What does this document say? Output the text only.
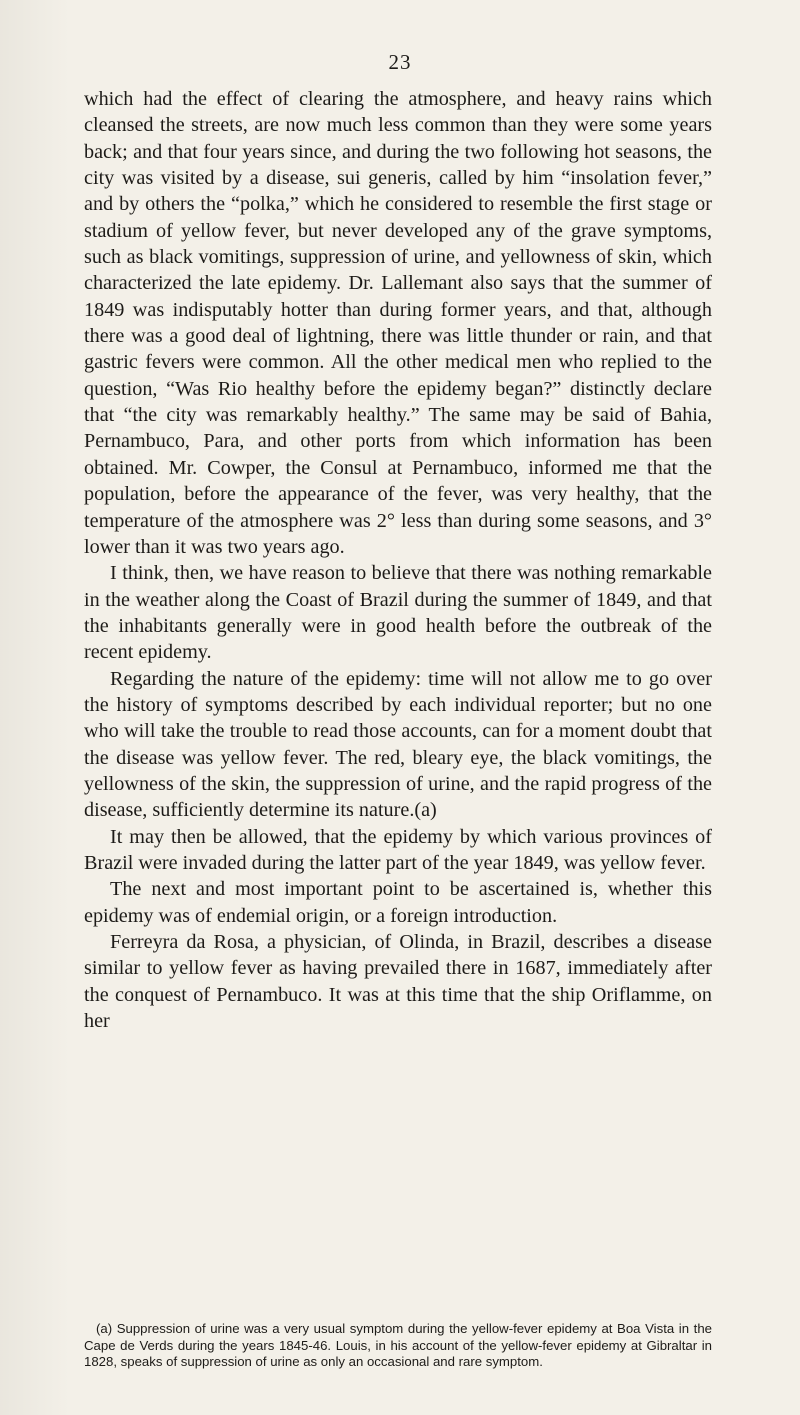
23

which had the effect of clearing the atmosphere, and heavy rains which cleansed the streets, are now much less common than they were some years back; and that four years since, and during the two following hot seasons, the city was visited by a disease, sui generis, called by him “insolation fever,” and by others the “polka,” which he considered to resemble the first stage or stadium of yellow fever, but never developed any of the grave symptoms, such as black vomitings, suppression of urine, and yellowness of skin, which characterized the late epidemy. Dr. Lallemant also says that the summer of 1849 was indisputably hotter than during former years, and that, although there was a good deal of lightning, there was little thunder or rain, and that gastric fevers were common. All the other medical men who replied to the question, “Was Rio healthy before the epidemy began?” distinctly declare that “the city was remarkably healthy.” The same may be said of Bahia, Pernambuco, Para, and other ports from which information has been obtained. Mr. Cowper, the Consul at Pernambuco, informed me that the population, before the appearance of the fever, was very healthy, that the temperature of the atmosphere was 2° less than during some seasons, and 3° lower than it was two years ago.

I think, then, we have reason to believe that there was nothing remarkable in the weather along the Coast of Brazil during the summer of 1849, and that the inhabitants generally were in good health before the outbreak of the recent epidemy.

Regarding the nature of the epidemy: time will not allow me to go over the history of symptoms described by each individual reporter; but no one who will take the trouble to read those accounts, can for a moment doubt that the disease was yellow fever. The red, bleary eye, the black vomitings, the yellowness of the skin, the suppression of urine, and the rapid progress of the disease, sufficiently determine its nature.(a)

It may then be allowed, that the epidemy by which various provinces of Brazil were invaded during the latter part of the year 1849, was yellow fever.

The next and most important point to be ascertained is, whether this epidemy was of endemial origin, or a foreign introduction.

Ferreyra da Rosa, a physician, of Olinda, in Brazil, describes a disease similar to yellow fever as having prevailed there in 1687, immediately after the conquest of Pernambuco. It was at this time that the ship Oriflamme, on her

(a) Suppression of urine was a very usual symptom during the yellow-fever epidemy at Boa Vista in the Cape de Verds during the years 1845-46. Louis, in his account of the yellow-fever epidemy at Gibraltar in 1828, speaks of suppression of urine as only an occasional and rare symptom.
